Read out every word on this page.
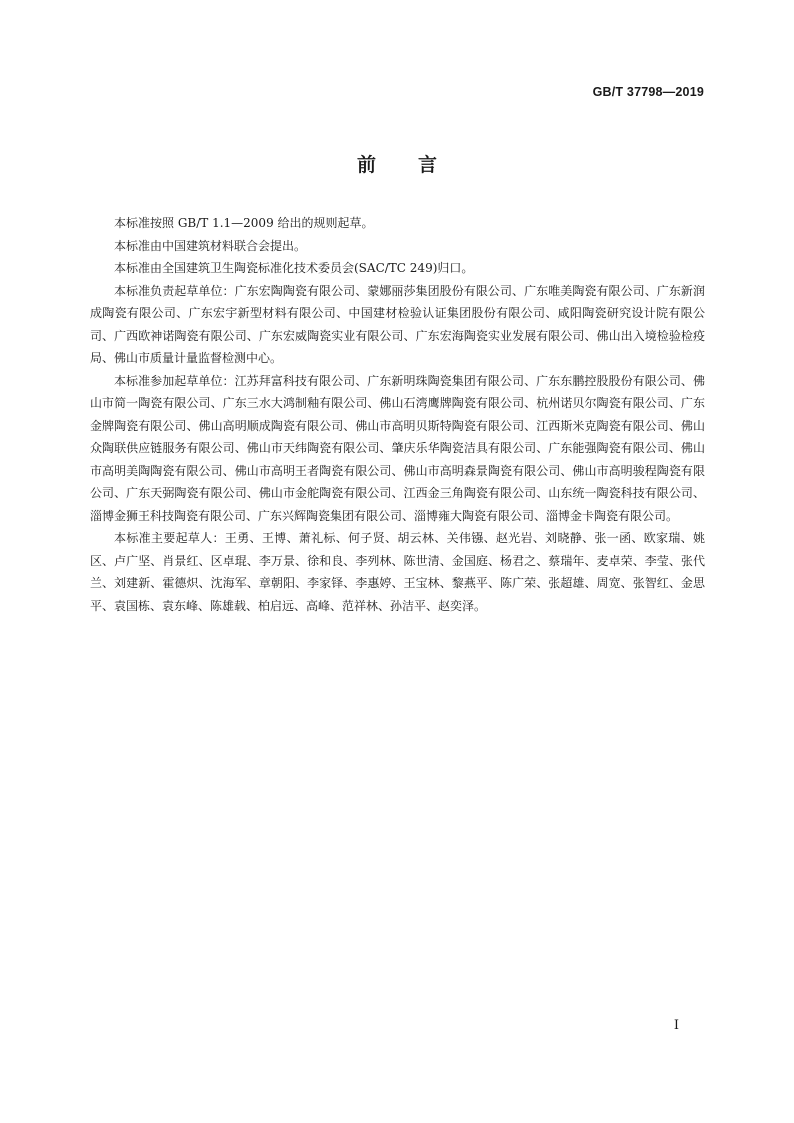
GB/T 37798—2019
前言

本标准按照 GB/T 1.1—2009 给出的规则起草。

本标准由中国建筑材料联合会提出。

本标准由全国建筑卫生陶瓷标准化技术委员会(SAC/TC 249)归口。

本标准负责起草单位：广东宏陶陶瓷有限公司、蒙娜丽莎集团股份有限公司、广东唯美陶瓷有限公司、广东新润成陶瓷有限公司、广东宏宇新型材料有限公司、中国建材检验认证集团股份有限公司、咸阳陶瓷研究设计院有限公司、广西欧神诺陶瓷有限公司、广东宏威陶瓷实业有限公司、广东宏海陶瓷实业发展有限公司、佛山出入境检验检疫局、佛山市质量计量监督检测中心。

本标准参加起草单位：江苏拜富科技有限公司、广东新明珠陶瓷集团有限公司、广东东鹏控股股份有限公司、佛山市简一陶瓷有限公司、广东三水大鸿制釉有限公司、佛山石湾鹰牌陶瓷有限公司、杭州诺贝尔陶瓷有限公司、广东金牌陶瓷有限公司、佛山高明顺成陶瓷有限公司、佛山市高明贝斯特陶瓷有限公司、江西斯米克陶瓷有限公司、佛山众陶联供应链服务有限公司、佛山市天纬陶瓷有限公司、肇庆乐华陶瓷洁具有限公司、广东能强陶瓷有限公司、佛山市高明美陶陶瓷有限公司、佛山市高明王者陶瓷有限公司、佛山市高明森景陶瓷有限公司、佛山市高明骏程陶瓷有限公司、广东天弼陶瓷有限公司、佛山市金舵陶瓷有限公司、江西金三角陶瓷有限公司、山东统一陶瓷科技有限公司、淄博金狮王科技陶瓷有限公司、广东兴辉陶瓷集团有限公司、淄博雍大陶瓷有限公司、淄博金卡陶瓷有限公司。

本标准主要起草人：王勇、王博、萧礼标、何子贤、胡云林、关伟镪、赵光岩、刘晓静、张一函、欧家瑞、姚区、卢广坚、肖景红、区卓琨、李万景、徐和良、李列林、陈世清、金国庭、杨君之、蔡瑞年、麦卓荣、李莹、张代兰、刘建新、霍德炽、沈海军、章朝阳、李家铎、李惠婷、王宝林、黎燕平、陈广荣、张超雄、周宽、张智红、金思平、袁国栋、袁东峰、陈雄载、柏启远、高峰、范祥林、孙洁平、赵奕泽。

I
